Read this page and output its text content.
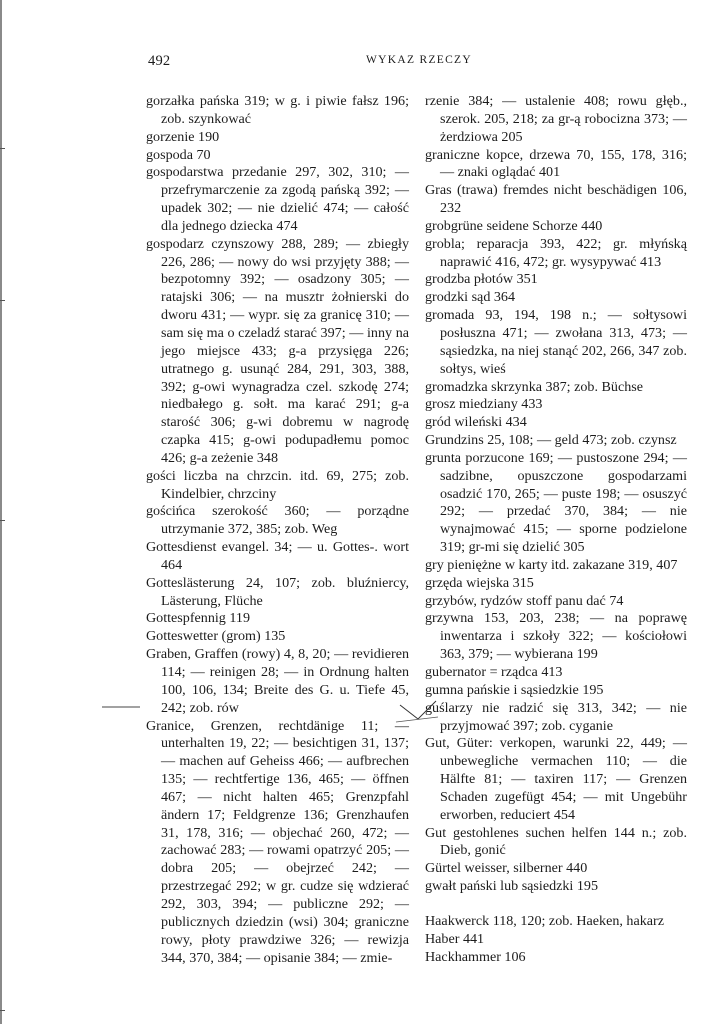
492	WYKAZ RZECZY

gorzałka pańska 319; w g. i piwie fałsz 196; zob. szynkować

gorzenie 190

gospoda 70

gospodarstwa przedanie 297, 302, 310; — przefrymarczenie za zgodą pańską 392; — upadek 302; — nie dzielić 474; — całość dla jednego dziecka 474

gospodarz czynszowy 288, 289; — zbiegły 226, 286; — nowy do wsi przyjęty 388; — bezpotomny 392; — osadzony 305; — ratajski 306; — na musztr żołnierski do dworu 431; — wypr. się za granicę 310; — sam się ma o czeladź starać 397; — inny na jego miejsce 433; g-a przysięga 226; utratnego g. usunąć 284, 291, 303, 388, 392; g-owi wynagradza czel. szkodę 274; niedbałego g. sołt. ma karać 291; g-a starość 306; g-wi dobremu w nagrodę czapka 415; g-owi podupadłemu pomoc 426; g-a zeżenie 348

gości liczba na chrzcin. itd. 69, 275; zob. Kindelbier, chrzciny

gościńca szerokość 360; — porządne utrzymanie 372, 385; zob. Weg

Gottesdienst evangel. 34; — u. Gottes-. wort 464

Gotteslästerung 24, 107; zob. bluźniercy, Lästerung, Flüche

Gottespfennig 119

Gotteswetter (grom) 135

Graben, Graffen (rowy) 4, 8, 20; — revidieren 114; — reinigen 28; — in Ordnung halten 100, 106, 134; Breite des G. u. Tiefe 45, 242; zob. rów

Granice, Grenzen, rechtdänige 11; — unterhalten 19, 22; — besichtigen 31, 137; — machen auf Geheiss 466; — aufbrechen 135; — rechtfertige 136, 465; — öffnen 467; — nicht halten 465; Grenzpfahl ändern 17; Feldgrenze 136; Grenzhaufen 31, 178, 316; — objechać 260, 472; — zachować 283; — rowami opatrzyć 205; — dobra 205; — obejrzeć 242; — przestrzegać 292; w gr. cudze się wdzierać 292, 303, 394; — publiczne 292; — publicznych dziedzin (wsi) 304; graniczne rowy, płoty prawdziwe 326; — rewizja 344, 370, 384; — opisanie 384; — zmie-

rzenie 384; — ustalenie 408; rowu głęb., szerok. 205, 218; za gr-ą robocizna 373; — żerdziowa 205

graniczne kopce, drzewa 70, 155, 178, 316; — znaki oglądać 401

Gras (trawa) fremdes nicht beschädigen 106, 232

grobgrüne seidene Schorze 440

grobla; reparacja 393, 422; gr. młyńską naprawić 416, 472; gr. wysypywać 413

grodzba płotów 351

grodzki sąd 364

gromada 93, 194, 198 n.; — sołtysowi posłuszna 471; — zwołana 313, 473; — sąsiedzka, na niej stanąć 202, 266, 347 zob. sołtys, wieś

gromadzka skrzynka 387; zob. Büchse

grosz miedziany 433

gród wileński 434

Grundzins 25, 108; — geld 473; zob. czynsz

grunta porzucone 169; — pustoszone 294; — sadzibne, opuszczone gospodarzami osadzić 170, 265; — puste 198; — osuszyć 292; — przedać 370, 384; — nie wynajmować 415; — sporne podzielone 319; gr-mi się dzielić 305

gry pieniężne w karty itd. zakazane 319, 407

grzęda wiejska 315

grzybów, rydzów stoff panu dać 74

grzywna 153, 203, 238; — na poprawę inwentarza i szkoły 322; — kościołowi 363, 379; — wybierana 199

gubernator = rządca 413

gumna pańskie i sąsiedzkie 195

guślarzy nie radzić się 313, 342; — nie przyjmować 397; zob. cyganie

Gut, Güter: verkopen, warunki 22, 449; — unbewegliche vermachen 110; — die Hälfte 81; — taxiren 117; — Grenzen Schaden zugefügt 454; — mit Ungebühr erworben, reduciert 454

Gut gestohlenes suchen helfen 144 n.; zob. Dieb, gonić

Gürtel weisser, silberner 440

gwałt pański lub sąsiedzki 195

Haakwerck 118, 120; zob. Haeken, hakarz

Haber 441

Hackhammer 106
